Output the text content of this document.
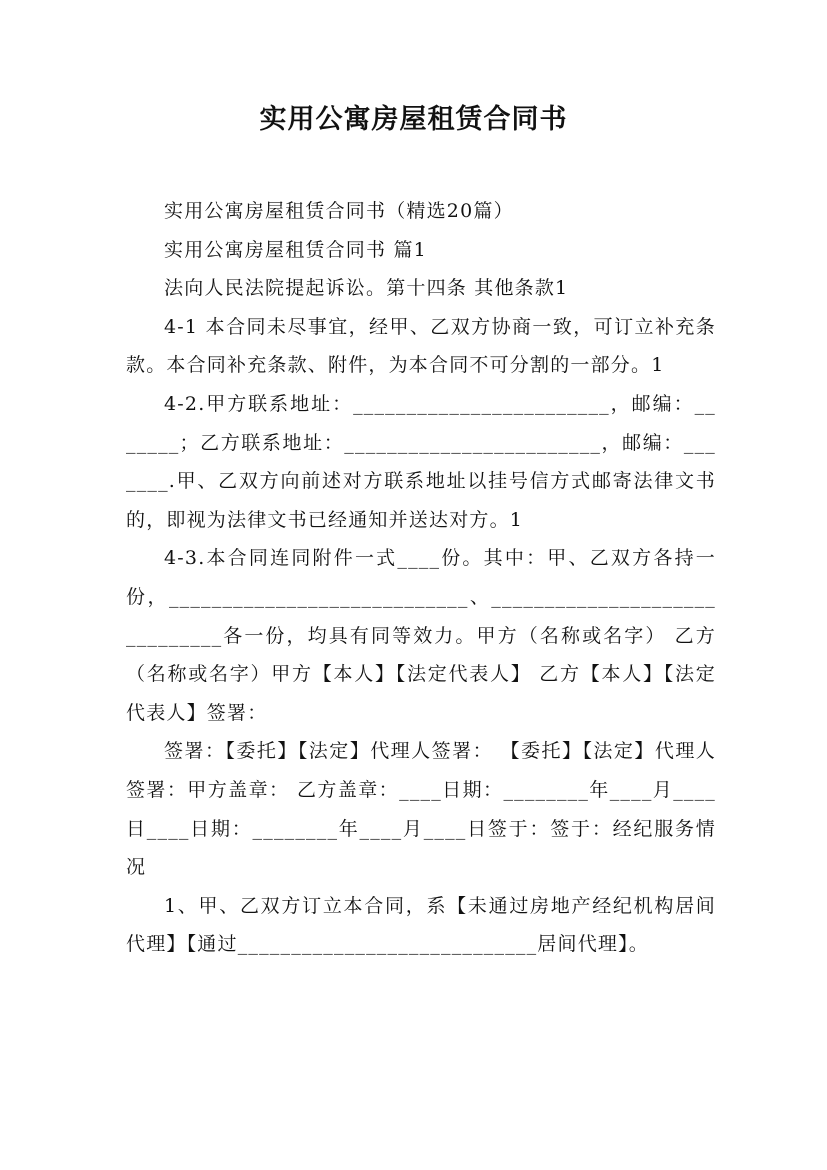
实用公寓房屋租赁合同书

实用公寓房屋租赁合同书（精选20篇）

实用公寓房屋租赁合同书 篇1

法向人民法院提起诉讼。第十四条 其他条款1

4-1 本合同未尽事宜，经甲、乙双方协商一致，可订立补充条款。本合同补充条款、附件，为本合同不可分割的一部分。1

4-2.甲方联系地址：________________________，邮编：_______；乙方联系地址：________________________，邮编：_______.甲、乙双方向前述对方联系地址以挂号信方式邮寄法律文书的，即视为法律文书已经通知并送达对方。1

4-3.本合同连同附件一式____份。其中：甲、乙双方各持一份，____________________________、______________________________各一份，均具有同等效力。甲方（名称或名字） 乙方（名称或名字）甲方【本人】【法定代表人】 乙方【本人】【法定代表人】签署：

签署：【委托】【法定】代理人签署： 【委托】【法定】代理人签署：甲方盖章： 乙方盖章：____日期：________年____月____日____日期：________年____月____日签于：签于：经纪服务情况

1、甲、乙双方订立本合同，系【未通过房地产经纪机构居间代理】【通过____________________________居间代理】。
